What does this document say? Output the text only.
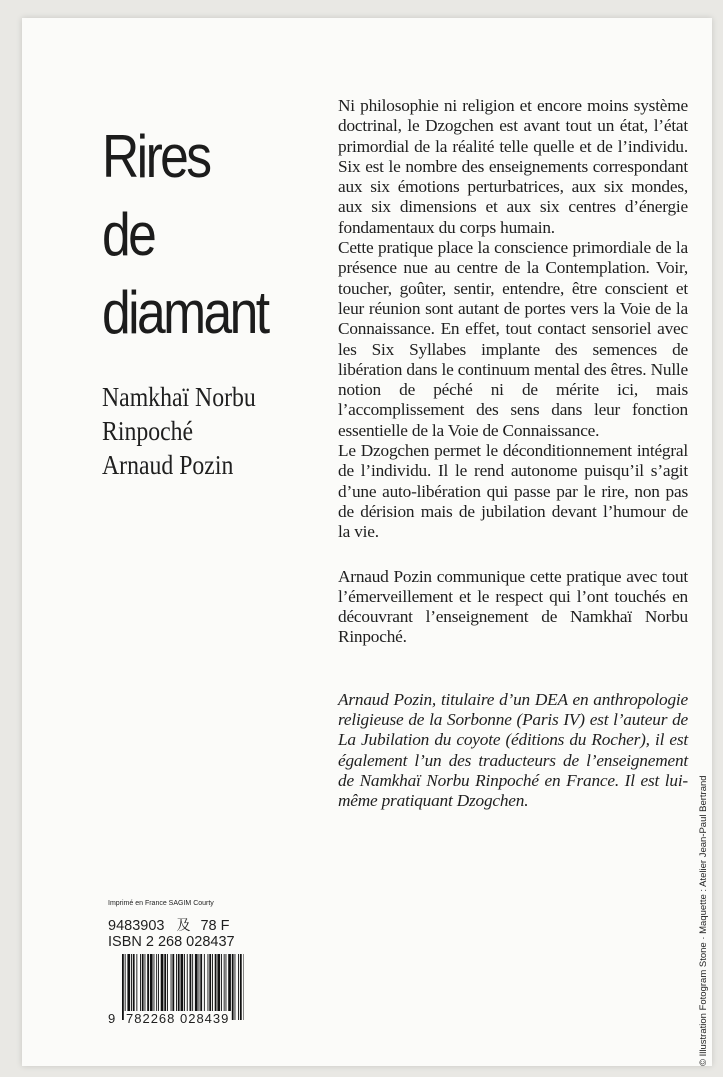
Rires
de
diamant
Namkhaï Norbu
Rinpoché
Arnaud Pozin

Ni philosophie ni religion et encore moins système doctrinal, le Dzogchen est avant tout un état, l’état primordial de la réalité telle quelle et de l’individu. Six est le nombre des enseignements correspondant aux six émotions perturbatrices, aux six mondes, aux six dimensions et aux six centres d’énergie fondamentaux du corps humain.

Cette pratique place la conscience primordiale de la présence nue au centre de la Contemplation. Voir, toucher, goûter, sentir, entendre, être conscient et leur réunion sont autant de portes vers la Voie de la Connaissance. En effet, tout contact sensoriel avec les Six Syllabes implante des semences de libération dans le continuum mental des êtres. Nulle notion de péché ni de mérite ici, mais l’accomplissement des sens dans leur fonction essentielle de la Voie de Connaissance.

Le Dzogchen permet le déconditionnement intégral de l’individu. Il le rend autonome puisqu’il s’agit d’une auto-libération qui passe par le rire, non pas de dérision mais de jubilation devant l’humour de la vie.

Arnaud Pozin communique cette pratique avec tout l’émerveillement et le respect qui l’ont touchés en découvrant l’enseignement de Namkhaï Norbu Rinpoché.

Arnaud Pozin, titulaire d’un DEA en anthropologie religieuse de la Sorbonne (Paris IV) est l’auteur de La Jubilation du coyote (éditions du Rocher), il est également l’un des traducteurs de l’enseignement de Namkhaï Norbu Rinpoché en France. Il est lui-même pratiquant Dzogchen.	© Illustration Fotogram Stone · Maquette : Atelier Jean-Paul Bertrand
Imprimé en France SAGIM Courty
9483903 及 78 F
ISBN 2 268 028437
9 782268 028439
